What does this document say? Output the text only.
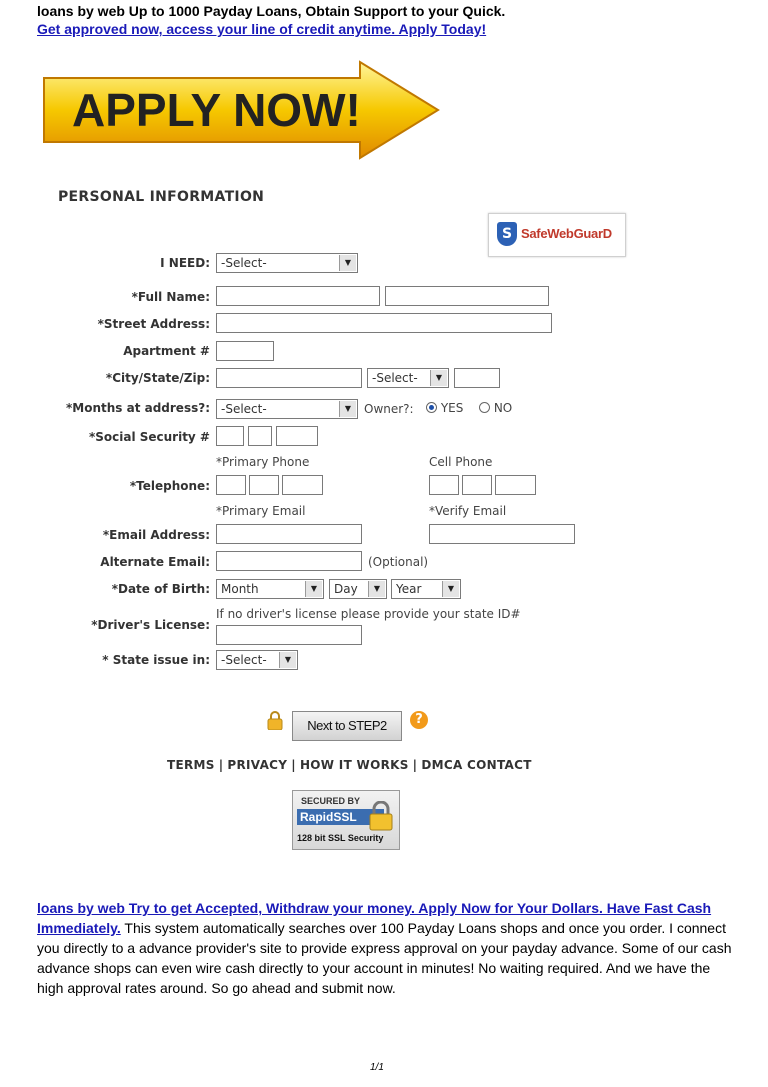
loans by web Up to 1000 Payday Loans, Obtain Support to your Quick.
Get approved now, access your line of credit anytime. Apply Today!
APPLY NOW!
PERSONAL INFORMATION
S SafeWebGuarD
I NEED: -Select-	▼
*Full Name:
*Street Address:
Apartment #
*City/State/Zip:	-Select-	▼
*Months at address?: -Select-	▼	Owner?:	YES	NO
*Social Security #
*Primary Phone	Cell Phone
*Telephone:
*Primary Email	*Verify Email
*Email Address:
Alternate Email:	(Optional)
*Date of Birth: Month	▼	Day	▼	Year	▼
If no driver's license please provide your state ID#
*Driver's License:
* State issue in: -Select-	▼
Next to STEP2	?
TERMS | PRIVACY | HOW IT WORKS | DMCA CONTACT
SECURED BY
RapidSSL
128 bit SSL Security
loans by web Try to get Accepted, Withdraw your money. Apply Now for Your Dollars. Have Fast Cash Immediately. This system automatically searches over 100 Payday Loans shops and once you order. I connect you directly to a advance provider's site to provide express approval on your payday advance. Some of our cash advance shops can even wire cash directly to your account in minutes! No waiting required. And we have the high approval rates around. So go ahead and submit now.
1/1
